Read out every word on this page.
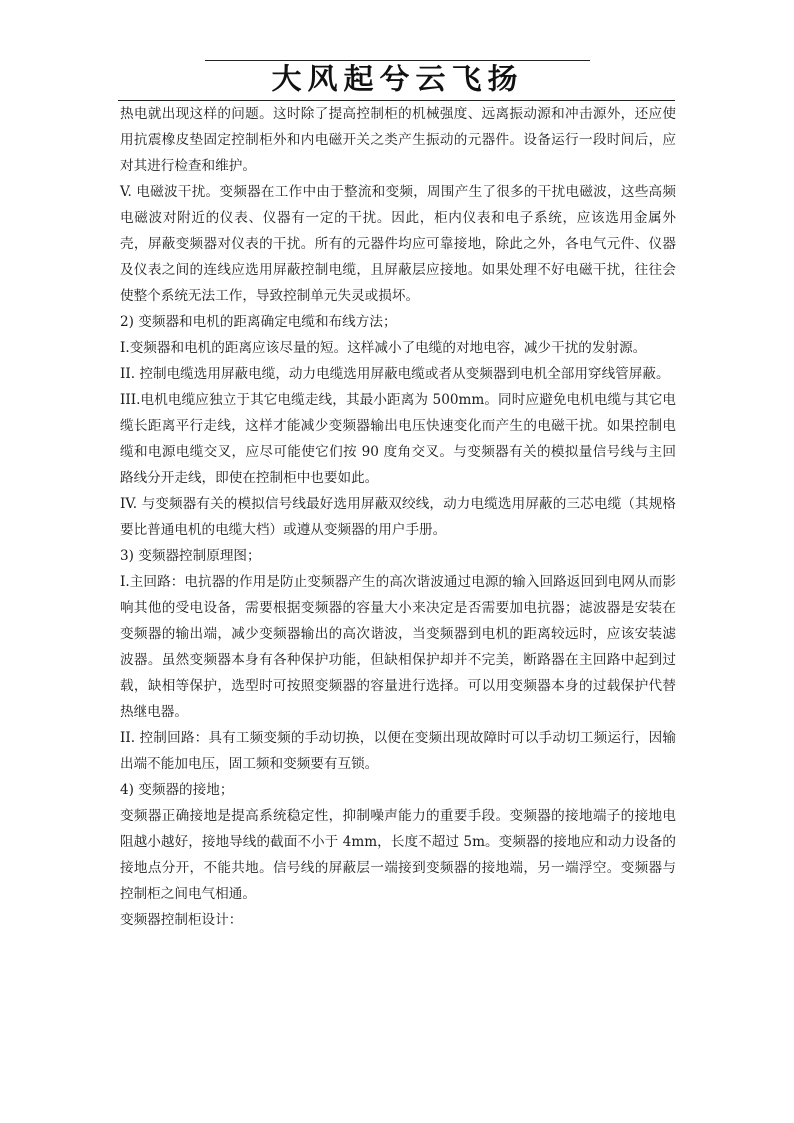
大风起兮云飞扬

热电就出现这样的问题。这时除了提高控制柜的机械强度、远离振动源和冲击源外，还应使用抗震橡皮垫固定控制柜外和内电磁开关之类产生振动的元器件。设备运行一段时间后，应对其进行检查和维护。

V. 电磁波干扰。变频器在工作中由于整流和变频，周围产生了很多的干扰电磁波，这些高频电磁波对附近的仪表、仪器有一定的干扰。因此，柜内仪表和电子系统，应该选用金属外壳，屏蔽变频器对仪表的干扰。所有的元器件均应可靠接地，除此之外，各电气元件、仪器及仪表之间的连线应选用屏蔽控制电缆，且屏蔽层应接地。如果处理不好电磁干扰，往往会使整个系统无法工作，导致控制单元失灵或损坏。

2) 变频器和电机的距离确定电缆和布线方法；

I.变频器和电机的距离应该尽量的短。这样减小了电缆的对地电容，减少干扰的发射源。

II. 控制电缆选用屏蔽电缆，动力电缆选用屏蔽电缆或者从变频器到电机全部用穿线管屏蔽。

III.电机电缆应独立于其它电缆走线，其最小距离为 500mm。同时应避免电机电缆与其它电缆长距离平行走线，这样才能减少变频器输出电压快速变化而产生的电磁干扰。如果控制电缆和电源电缆交叉，应尽可能使它们按 90 度角交叉。与变频器有关的模拟量信号线与主回路线分开走线，即使在控制柜中也要如此。

IV. 与变频器有关的模拟信号线最好选用屏蔽双绞线，动力电缆选用屏蔽的三芯电缆（其规格要比普通电机的电缆大档）或遵从变频器的用户手册。

3) 变频器控制原理图；

I.主回路：电抗器的作用是防止变频器产生的高次谐波通过电源的输入回路返回到电网从而影响其他的受电设备，需要根据变频器的容量大小来决定是否需要加电抗器；滤波器是安装在变频器的输出端，减少变频器输出的高次谐波，当变频器到电机的距离较远时，应该安装滤波器。虽然变频器本身有各种保护功能，但缺相保护却并不完美，断路器在主回路中起到过载，缺相等保护，选型时可按照变频器的容量进行选择。可以用变频器本身的过载保护代替热继电器。

II. 控制回路：具有工频变频的手动切换，以便在变频出现故障时可以手动切工频运行，因输出端不能加电压，固工频和变频要有互锁。

4) 变频器的接地；

变频器正确接地是提高系统稳定性，抑制噪声能力的重要手段。变频器的接地端子的接地电阻越小越好，接地导线的截面不小于 4mm，长度不超过 5m。变频器的接地应和动力设备的接地点分开，不能共地。信号线的屏蔽层一端接到变频器的接地端，另一端浮空。变频器与控制柜之间电气相通。

变频器控制柜设计：
